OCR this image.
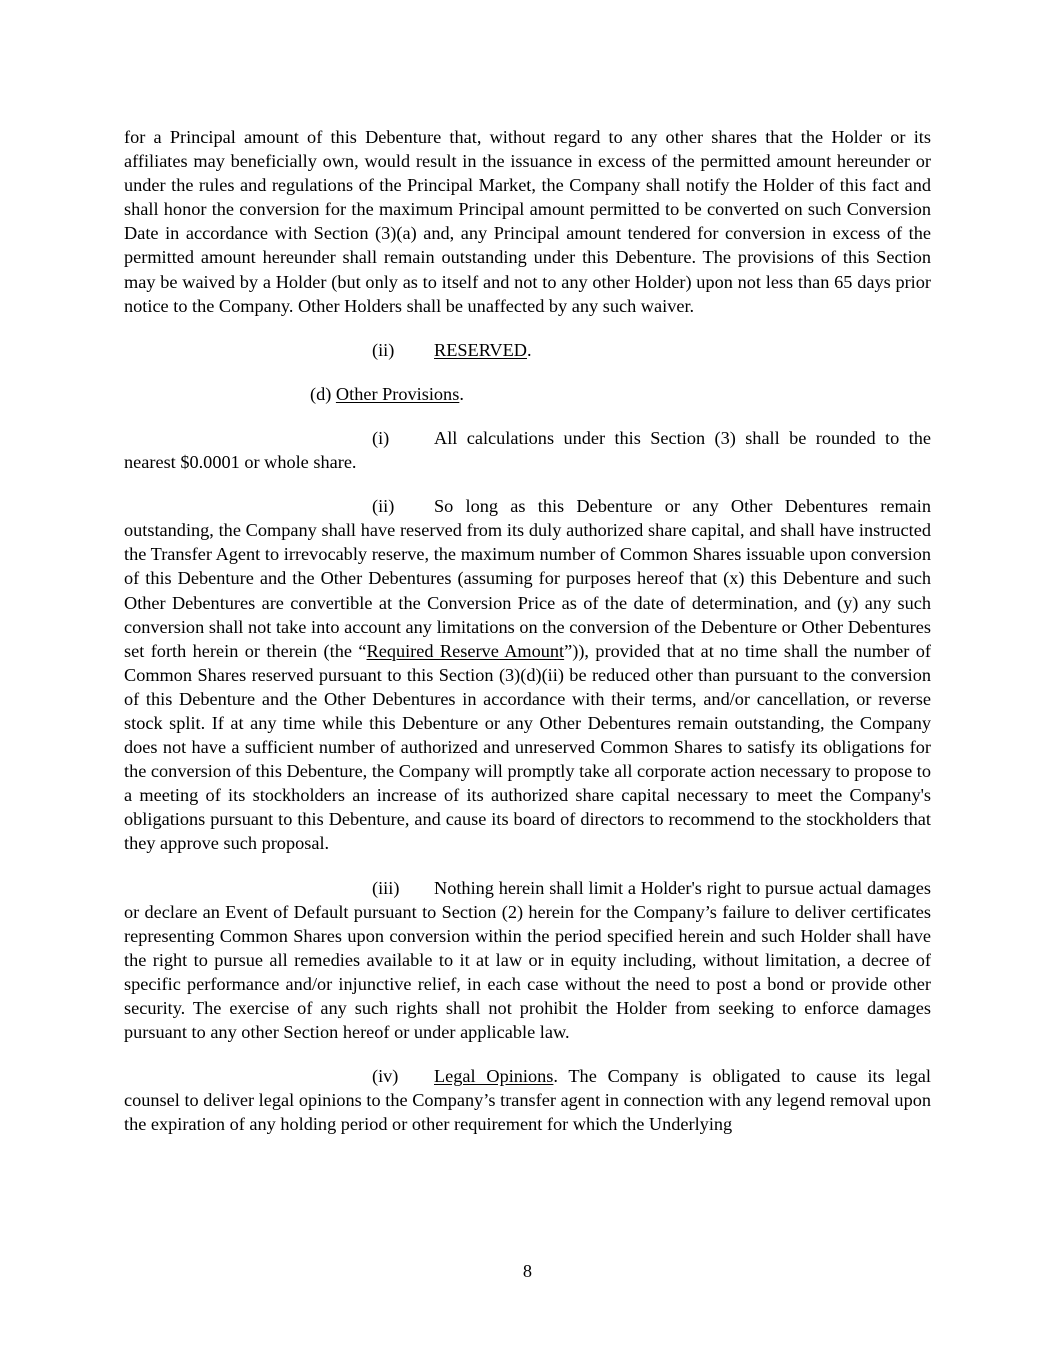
for a Principal amount of this Debenture that, without regard to any other shares that the Holder or its affiliates may beneficially own, would result in the issuance in excess of the permitted amount hereunder or under the rules and regulations of the Principal Market, the Company shall notify the Holder of this fact and shall honor the conversion for the maximum Principal amount permitted to be converted on such Conversion Date in accordance with Section (3)(a) and, any Principal amount tendered for conversion in excess of the permitted amount hereunder shall remain outstanding under this Debenture. The provisions of this Section may be waived by a Holder (but only as to itself and not to any other Holder) upon not less than 65 days prior notice to the Company. Other Holders shall be unaffected by any such waiver.

(ii) RESERVED.

(d) Other Provisions.

(i) All calculations under this Section (3) shall be rounded to the nearest $0.0001 or whole share.

(ii) So long as this Debenture or any Other Debentures remain outstanding, the Company shall have reserved from its duly authorized share capital, and shall have instructed the Transfer Agent to irrevocably reserve, the maximum number of Common Shares issuable upon conversion of this Debenture and the Other Debentures (assuming for purposes hereof that (x) this Debenture and such Other Debentures are convertible at the Conversion Price as of the date of determination, and (y) any such conversion shall not take into account any limitations on the conversion of the Debenture or Other Debentures set forth herein or therein (the “Required Reserve Amount”)), provided that at no time shall the number of Common Shares reserved pursuant to this Section (3)(d)(ii) be reduced other than pursuant to the conversion of this Debenture and the Other Debentures in accordance with their terms, and/or cancellation, or reverse stock split. If at any time while this Debenture or any Other Debentures remain outstanding, the Company does not have a sufficient number of authorized and unreserved Common Shares to satisfy its obligations for the conversion of this Debenture, the Company will promptly take all corporate action necessary to propose to a meeting of its stockholders an increase of its authorized share capital necessary to meet the Company's obligations pursuant to this Debenture, and cause its board of directors to recommend to the stockholders that they approve such proposal.

(iii) Nothing herein shall limit a Holder's right to pursue actual damages or declare an Event of Default pursuant to Section (2) herein for the Company’s failure to deliver certificates representing Common Shares upon conversion within the period specified herein and such Holder shall have the right to pursue all remedies available to it at law or in equity including, without limitation, a decree of specific performance and/or injunctive relief, in each case without the need to post a bond or provide other security. The exercise of any such rights shall not prohibit the Holder from seeking to enforce damages pursuant to any other Section hereof or under applicable law.

(iv) Legal Opinions. The Company is obligated to cause its legal counsel to deliver legal opinions to the Company’s transfer agent in connection with any legend removal upon the expiration of any holding period or other requirement for which the Underlying

8
